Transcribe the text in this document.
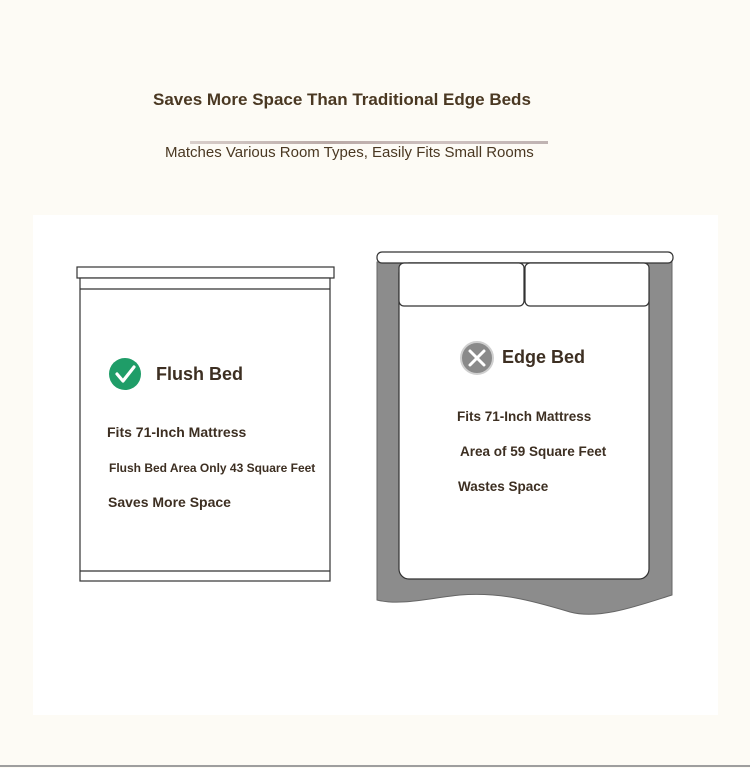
Saves More Space Than Traditional Edge Beds
Matches Various Room Types, Easily Fits Small Rooms
Flush Bed
Fits 71-Inch Mattress
Flush Bed Area Only 43 Square Feet
Saves More Space
Edge Bed
Fits 71-Inch Mattress
Area of 59 Square Feet
Wastes Space
